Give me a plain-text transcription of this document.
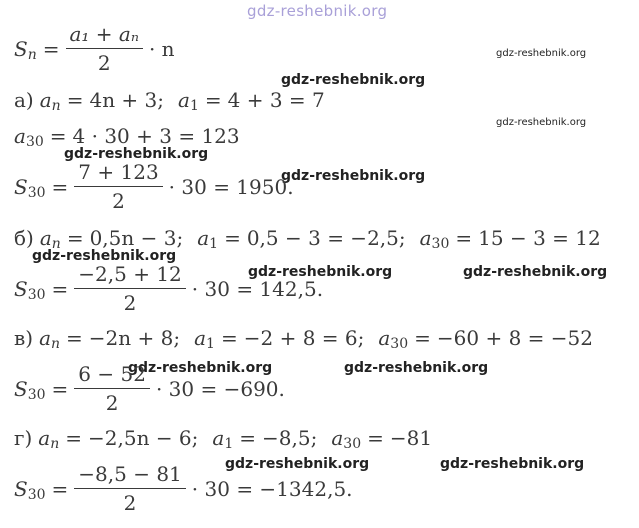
gdz-reshebnik.org
gdz-reshebnik.org
gdz-reshebnik.org
gdz-reshebnik.org
gdz-reshebnik.org
gdz-reshebnik.org
gdz-reshebnik.org
gdz-reshebnik.org	gdz-reshebnik.org
gdz-reshebnik.org	gdz-reshebnik.org
gdz-reshebnik.org	gdz-reshebnik.org
S $n = \frac{\text{a₁ + aₙ}}{2} \cdot n$
а) a n = 4n + 3; a 1 = 4 + 3 = 7
a 30 = 4 · 30 + 3 = 123
S $30 = \frac{7 + 123}{2} \cdot 30 = 1950$.
б) a n = 0,5n − 3; a 1 = 0,5 − 3 = −2,5; a 30 = 15 − 3 = 12
S $30 = \frac{-2,5 + 12}{2} \cdot 30 = 142,5$.
в) a n = −2n + 8; a 1 = −2 + 8 = 6; a 30 = −60 + 8 = −52
S $30 = \frac{6 - 52}{2} \cdot 30 = -690$.
г) a n = −2,5n − 6; a 1 = −8,5; a 30 = −81
S $30 = \frac{-8,5 - 81}{2} \cdot 30 = -1342,5$.
